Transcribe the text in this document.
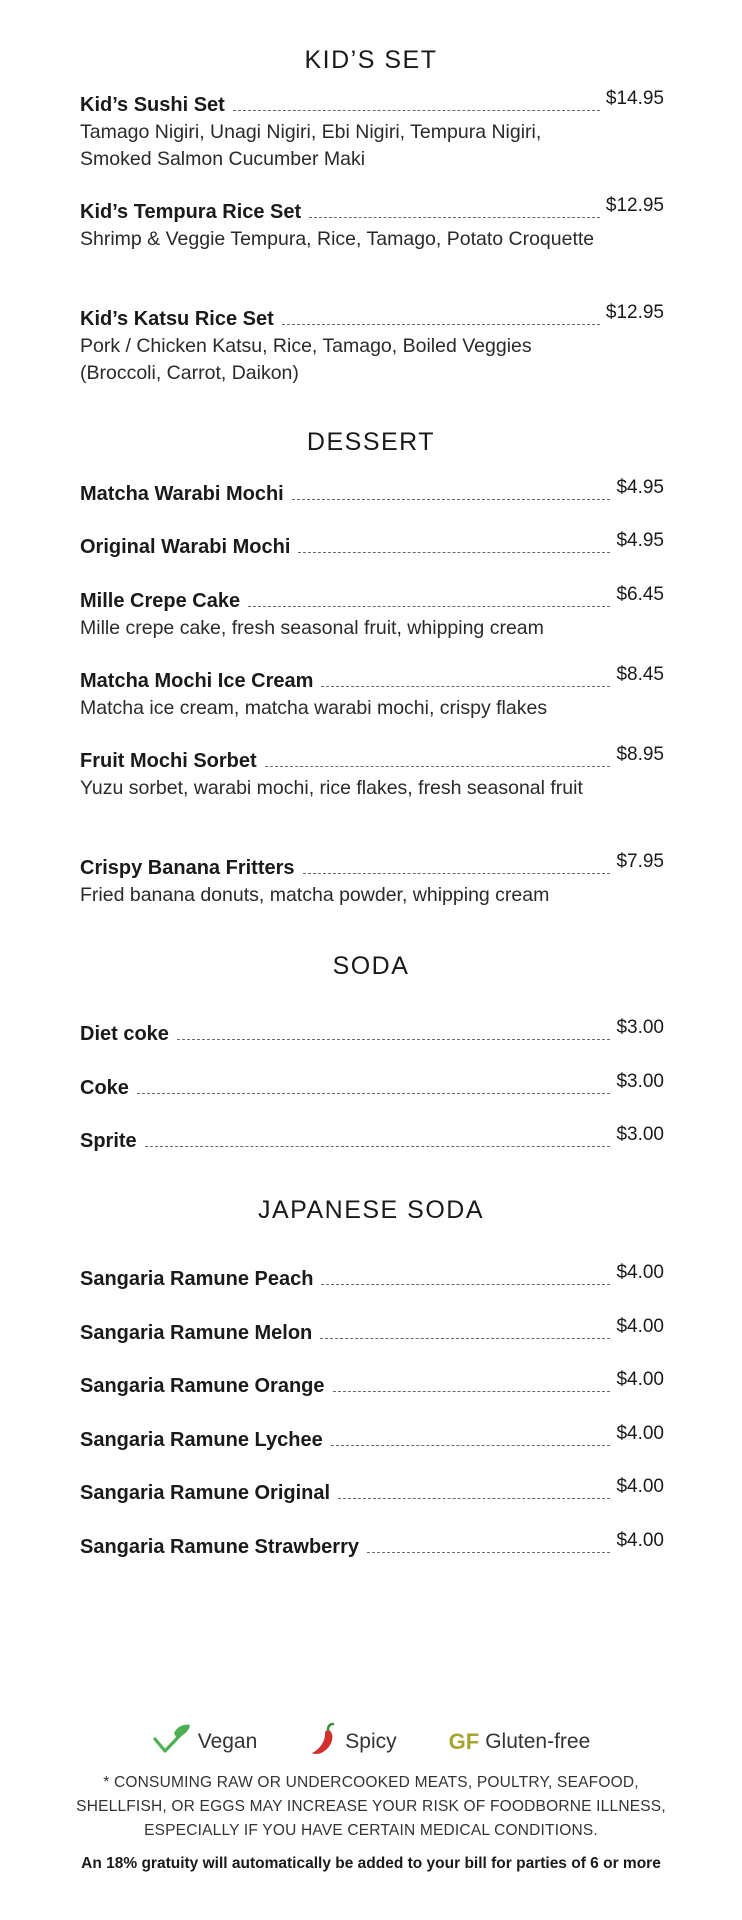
KID’S SET
Kid’s Sushi Set	$14.95
Tamago Nigiri, Unagi Nigiri, Ebi Nigiri, Tempura Nigiri, Smoked Salmon Cucumber Maki
Kid’s Tempura Rice Set	$12.95
Shrimp & Veggie Tempura, Rice, Tamago, Potato Croquette
Kid’s Katsu Rice Set	$12.95
Pork / Chicken Katsu, Rice, Tamago, Boiled Veggies (Broccoli, Carrot, Daikon)
DESSERT
Matcha Warabi Mochi	$4.95
Original Warabi Mochi	$4.95
Mille Crepe Cake	$6.45
Mille crepe cake, fresh seasonal fruit, whipping cream
Matcha Mochi Ice Cream	$8.45
Matcha ice cream, matcha warabi mochi, crispy flakes
Fruit Mochi Sorbet	$8.95
Yuzu sorbet, warabi mochi, rice flakes, fresh seasonal fruit
Crispy Banana Fritters	$7.95
Fried banana donuts, matcha powder, whipping cream
SODA
Diet coke	$3.00
Coke	$3.00
Sprite	$3.00
JAPANESE SODA
Sangaria Ramune Peach	$4.00
Sangaria Ramune Melon	$4.00
Sangaria Ramune Orange	$4.00
Sangaria Ramune Lychee	$4.00
Sangaria Ramune Original	$4.00
Sangaria Ramune Strawberry	$4.00
Vegan	Spicy GF Gluten-free
* CONSUMING RAW OR UNDERCOOKED MEATS, POULTRY, SEAFOOD, SHELLFISH, OR EGGS MAY INCREASE YOUR RISK OF FOODBORNE ILLNESS, ESPECIALLY IF YOU HAVE CERTAIN MEDICAL CONDITIONS.
An 18% gratuity will automatically be added to your bill for parties of 6 or more
